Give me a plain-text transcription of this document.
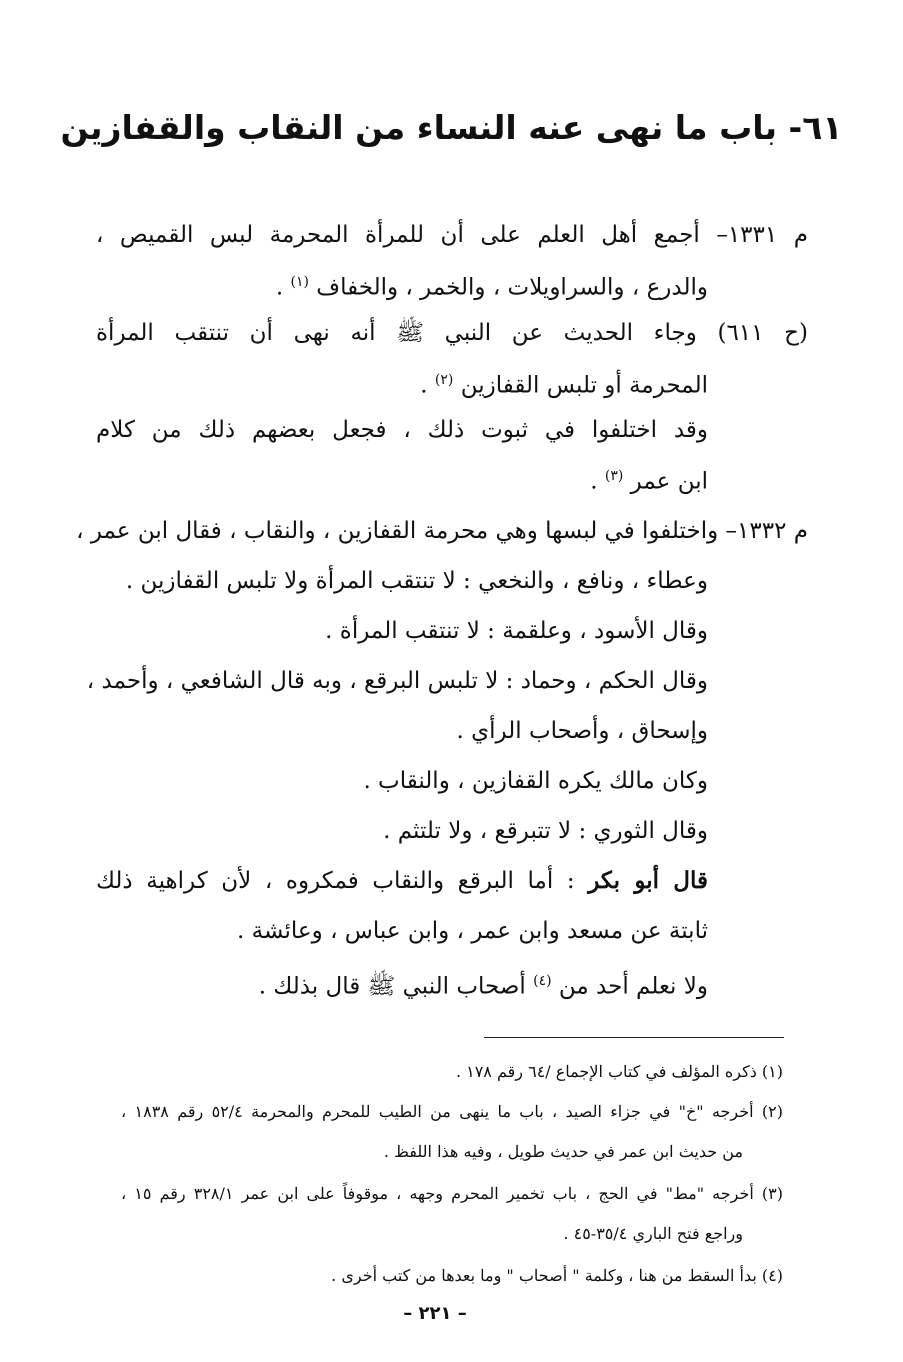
٦١- باب ما نهى عنه النساء من النقاب والقفازين
م ١٣٣١– أجمع أهل العلم على أن للمرأة المحرمة لبس القميص ،
والدرع ، والسراويلات ، والخمر ، والخفاف $^{(١)}$ .
(ح ٦١١) وجاء الحديث عن النبي ﷺ أنه نهى أن تنتقب المرأة
المحرمة أو تلبس القفازين $^{(٢)}$ .
وقد اختلفوا في ثبوت ذلك ، فجعل بعضهم ذلك من كلام
ابن عمر $^{(٣)}$ .
م ١٣٣٢– واختلفوا في لبسها وهي محرمة القفازين ، والنقاب ، فقال ابن عمر ،
وعطاء ، ونافع ، والنخعي : لا تنتقب المرأة ولا تلبس القفازين .
وقال الأسود ، وعلقمة : لا تنتقب المرأة .
وقال الحكم ، وحماد : لا تلبس البرقع ، وبه قال الشافعي ، وأحمد ،
وإسحاق ، وأصحاب الرأي .
وكان مالك يكره القفازين ، والنقاب .
وقال الثوري : لا تتبرقع ، ولا تلتثم .
قال أبو بكر : أما البرقع والنقاب فمكروه ، لأن كراهية ذلك
ثابتة عن مسعد وابن عمر ، وابن عباس ، وعائشة .
ولا نعلم أحد من $^{(٤)}$ أصحاب النبي ﷺ قال بذلك .
(١) ذكره المؤلف في كتاب الإجماع /٦٤ رقم ١٧٨ .
(٢) أخرجه "خ" في جزاء الصيد ، باب ما ينهى من الطيب للمحرم والمحرمة ٥٢/٤ رقم ١٨٣٨ ،
من حديث ابن عمر في حديث طويل ، وفيه هذا اللفظ .
(٣) أخرجه "مط" في الحج ، باب تخمير المحرم وجهه ، موقوفاً على ابن عمر ٣٢٨/١ رقم ١٥ ،
وراجع فتح الباري ٣٥/٤-٤٥ .
(٤) بدأ السقط من هنا ، وكلمة " أصحاب " وما بعدها من كتب أخرى .
– ٢٢١ –
